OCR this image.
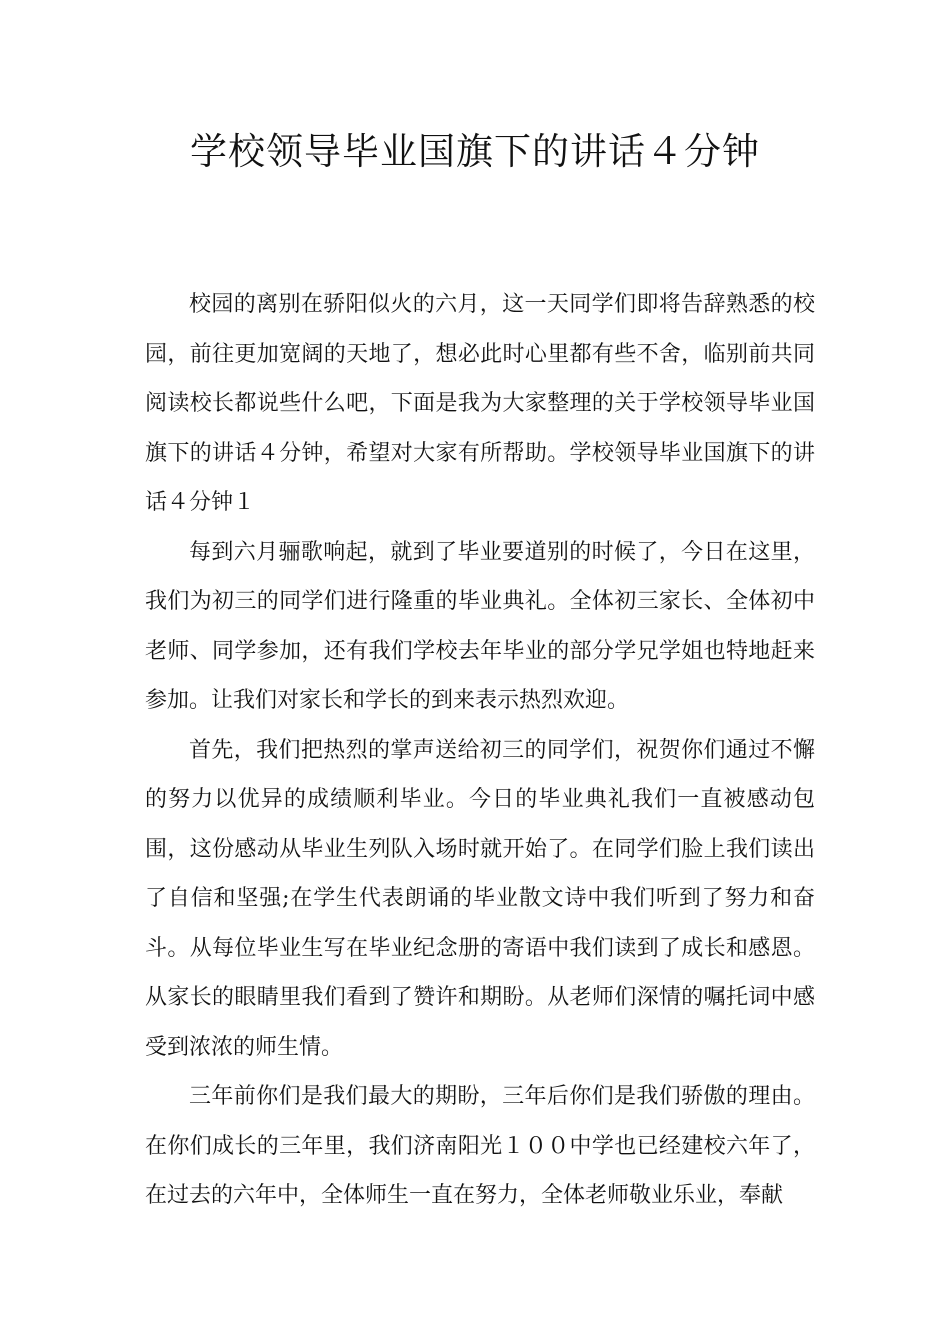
学校领导毕业国旗下的讲话４分钟

校园的离别在骄阳似火的六月，这一天同学们即将告辞熟悉的校园，前往更加宽阔的天地了，想必此时心里都有些不舍，临别前共同阅读校长都说些什么吧，下面是我为大家整理的关于学校领导毕业国旗下的讲话４分钟，希望对大家有所帮助。学校领导毕业国旗下的讲话４分钟１

每到六月骊歌响起，就到了毕业要道别的时候了，今日在这里，我们为初三的同学们进行隆重的毕业典礼。全体初三家长、全体初中老师、同学参加，还有我们学校去年毕业的部分学兄学姐也特地赶来参加。让我们对家长和学长的到来表示热烈欢迎。

首先，我们把热烈的掌声送给初三的同学们，祝贺你们通过不懈的努力以优异的成绩顺利毕业。今日的毕业典礼我们一直被感动包围，这份感动从毕业生列队入场时就开始了。在同学们脸上我们读出了自信和坚强;在学生代表朗诵的毕业散文诗中我们听到了努力和奋斗。从每位毕业生写在毕业纪念册的寄语中我们读到了成长和感恩。从家长的眼睛里我们看到了赞许和期盼。从老师们深情的嘱托词中感受到浓浓的师生情。

三年前你们是我们最大的期盼，三年后你们是我们骄傲的理由。在你们成长的三年里，我们济南阳光１００中学也已经建校六年了，在过去的六年中，全体师生一直在努力，全体老师敬业乐业，奉献
